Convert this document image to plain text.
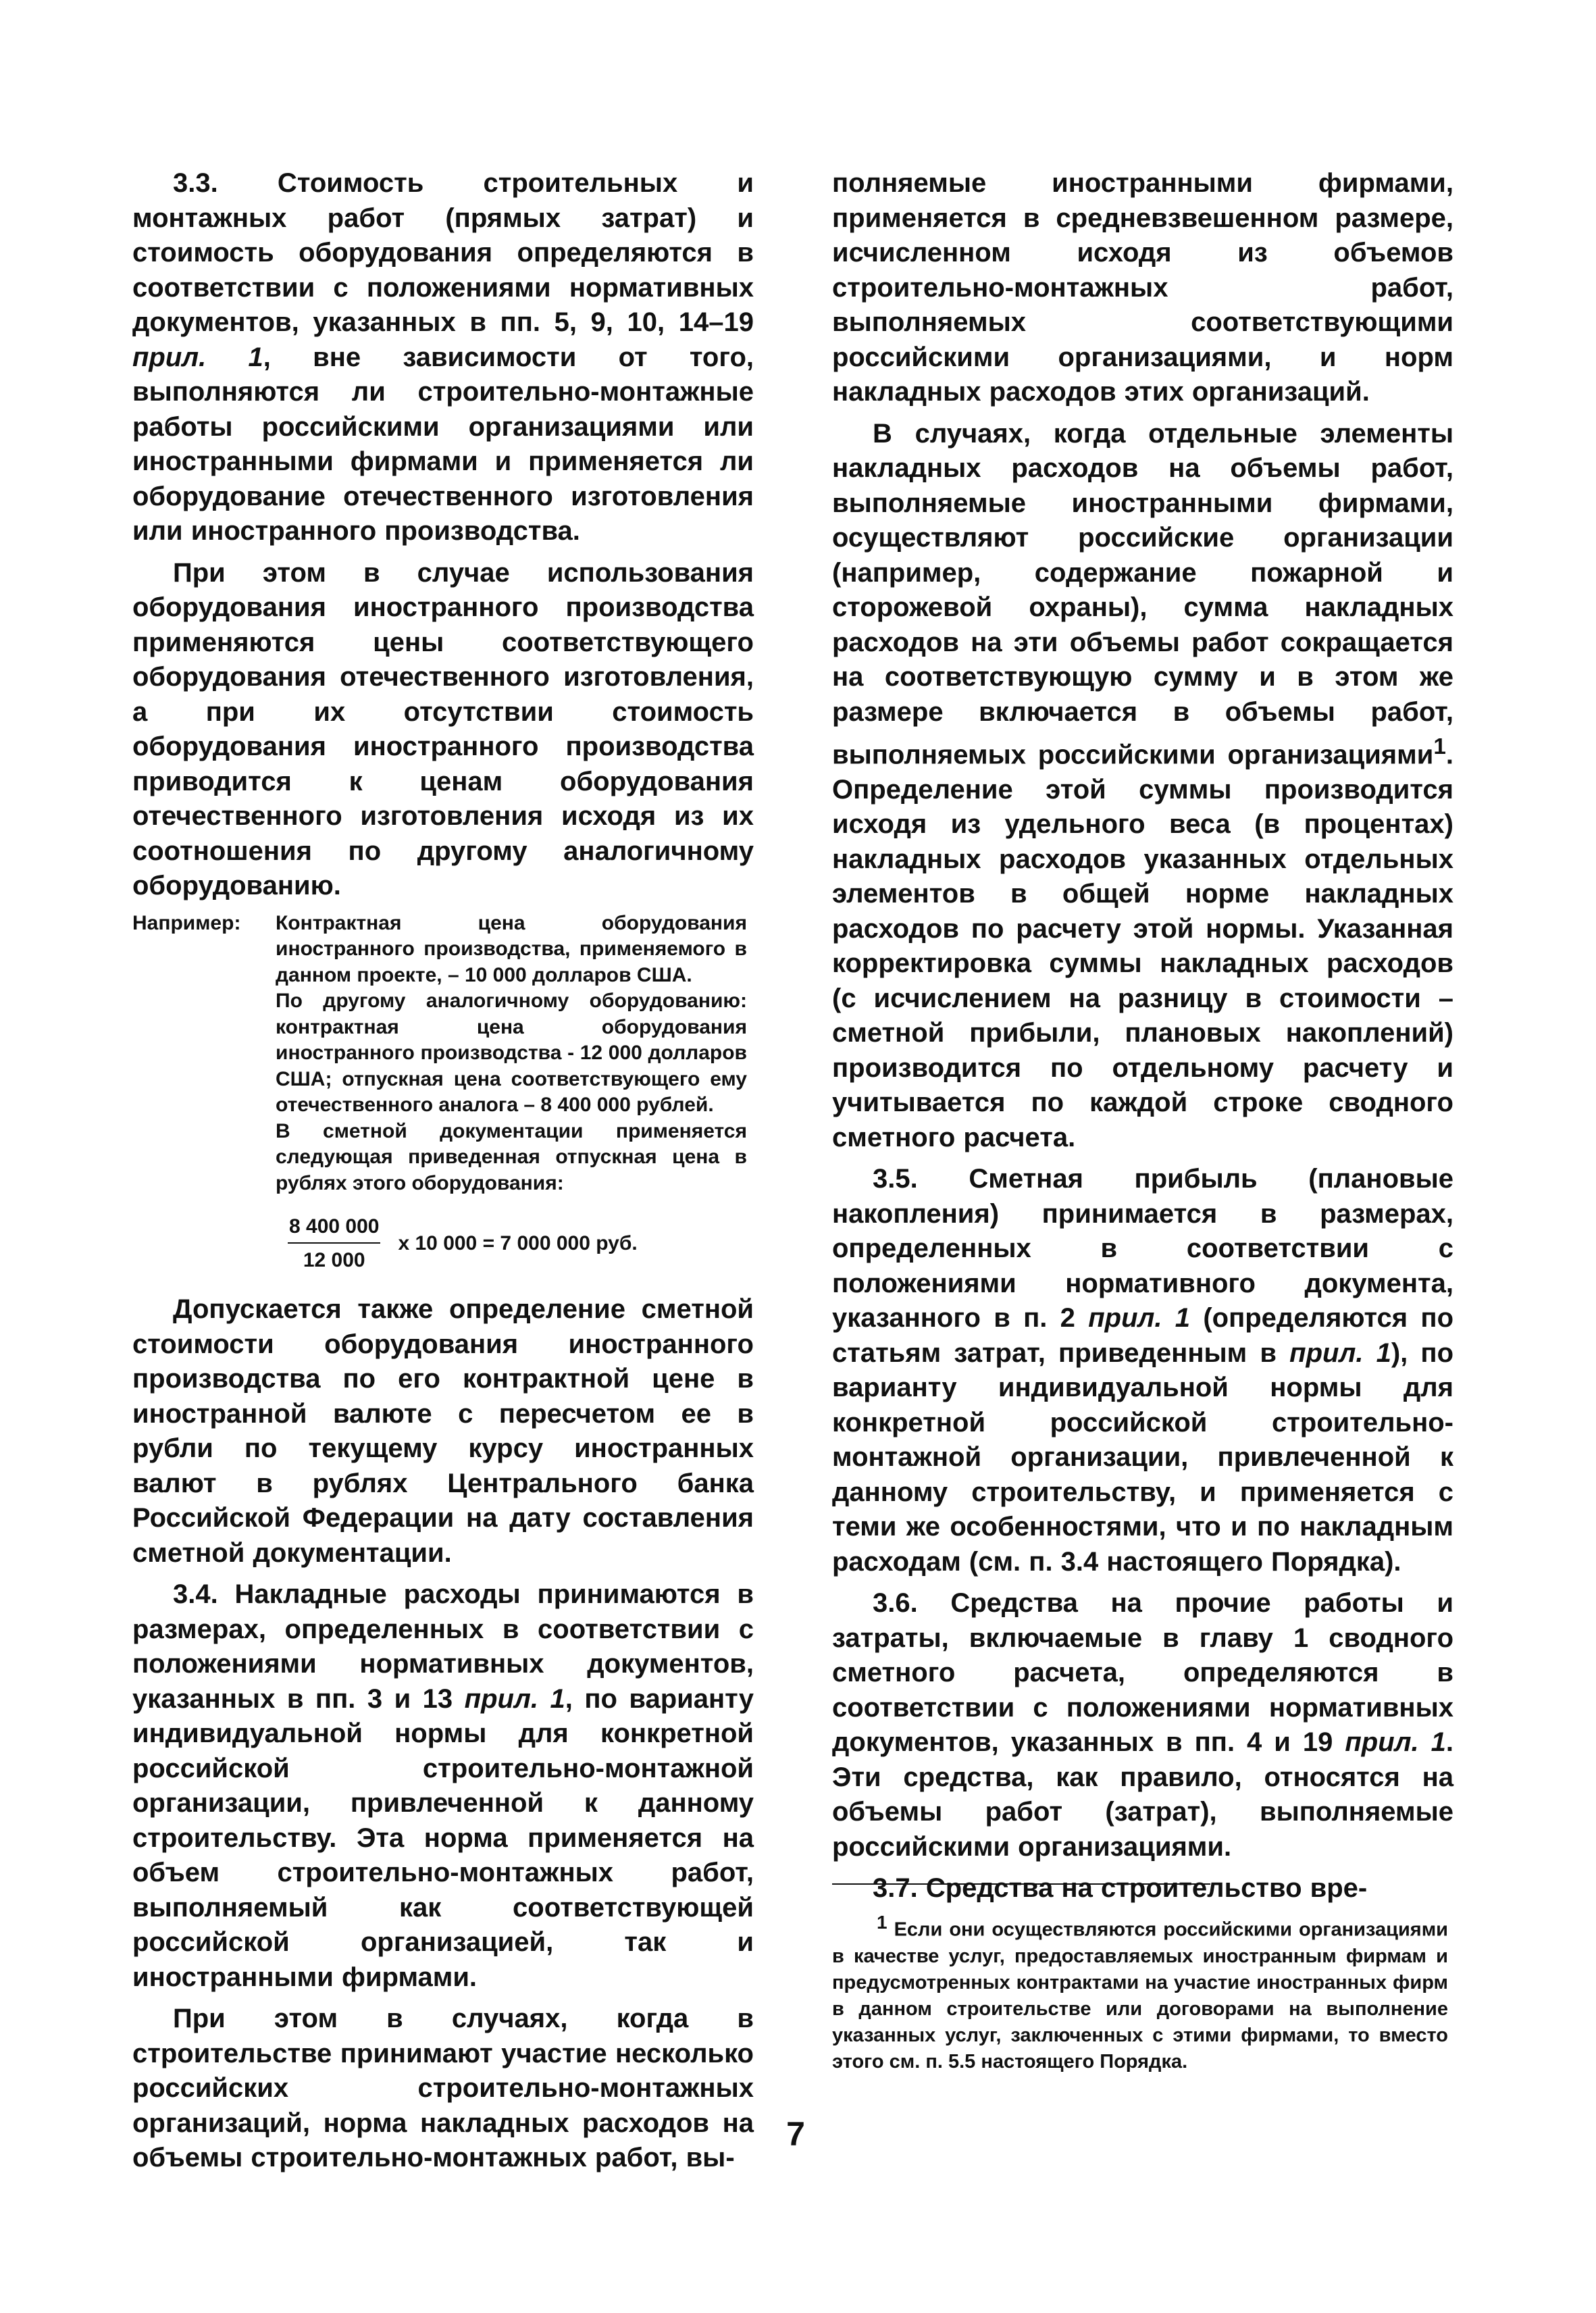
3.3. Стоимость строительных и монтажных работ (прямых затрат) и стоимость оборудования определяются в соответствии с положениями нормативных документов, указанных в пп. 5, 9, 10, 14–19 прил. 1, вне зависимости от того, выполняются ли строительно-монтажные работы российскими организациями или иностранными фирмами и применяется ли оборудование отечественного изготовления или иностранного производства.

При этом в случае использования оборудования иностранного производства применяются цены соответствующего оборудования отечественного изготовления, а при их отсутствии стоимость оборудования иностранного производства приводится к ценам оборудования отечественного изготовления исходя из их соотношения по другому аналогичному оборудованию.

Например:	Контрактная цена оборудования иностранного производства, применяемого в данном проекте, – 10 000 долларов США.

По другому аналогичному оборудованию: контрактная цена оборудования иностранного производства - 12 000 долларов США; отпускная цена соответствующего ему отечественного аналога – 8 400 000 рублей.

В сметной документации применяется следующая приведенная отпускная цена в рублях этого оборудования:

$\frac{8 400 000}{12 000}$ х 10 000 = 7 000 000 руб.

Допускается также определение сметной стоимости оборудования иностранного производства по его контрактной цене в иностранной валюте с пересчетом ее в рубли по текущему курсу иностранных валют в рублях Центрального банка Российской Федерации на дату составления сметной документации.

3.4. Накладные расходы принимаются в размерах, определенных в соответствии с положениями нормативных документов, указанных в пп. 3 и 13 прил. 1, по варианту индивидуальной нормы для конкретной российской строительно-монтажной организации, привлеченной к данному строительству. Эта норма применяется на объем строительно-монтажных работ, выполняемый как соответствующей российской организацией, так и иностранными фирмами.

При этом в случаях, когда в строительстве принимают участие несколько российских строительно-монтажных организаций, норма накладных расходов на объемы строительно-монтажных работ, вы-

полняемые иностранными фирмами, применяется в средневзвешенном размере, исчисленном исходя из объемов строительно-монтажных работ, выполняемых соответствующими российскими организациями, и норм накладных расходов этих организаций.

В случаях, когда отдельные элементы накладных расходов на объемы работ, выполняемые иностранными фирмами, осуществляют российские организации (например, содержание пожарной и сторожевой охраны), сумма накладных расходов на эти объемы работ сокращается на соответствующую сумму и в этом же размере включается в объемы работ, выполняемых российскими организациями$^1$. Определение этой суммы производится исходя из удельного веса (в процентах) накладных расходов указанных отдельных элементов в общей норме накладных расходов по расчету этой нормы. Указанная корректировка суммы накладных расходов (с исчислением на разницу в стоимости – сметной прибыли, плановых накоплений) производится по отдельному расчету и учитывается по каждой строке сводного сметного расчета.

3.5. Сметная прибыль (плановые накопления) принимается в размерах, определенных в соответствии с положениями нормативного документа, указанного в п. 2 прил. 1 (определяются по статьям затрат, приведенным в прил. 1), по варианту индивидуальной нормы для конкретной российской строительно-монтажной организации, привлеченной к данному строительству, и применяется с теми же особенностями, что и по накладным расходам (см. п. 3.4 настоящего Порядка).

3.6. Средства на прочие работы и затраты, включаемые в главу 1 сводного сметного расчета, определяются в соответствии с положениями нормативных документов, указанных в пп. 4 и 19 прил. 1. Эти средства, как правило, относятся на объемы работ (затрат), выполняемые российскими организациями.

3.7. Средства на строительство вре-

$^1$ Если они осуществляются российскими организациями в качестве услуг, предоставляемых иностранным фирмам и предусмотренных контрактами на участие иностранных фирм в данном строительстве или договорами на выполнение указанных услуг, заключенных с этими фирмами, то вместо этого см. п. 5.5 настоящего Порядка.
7
